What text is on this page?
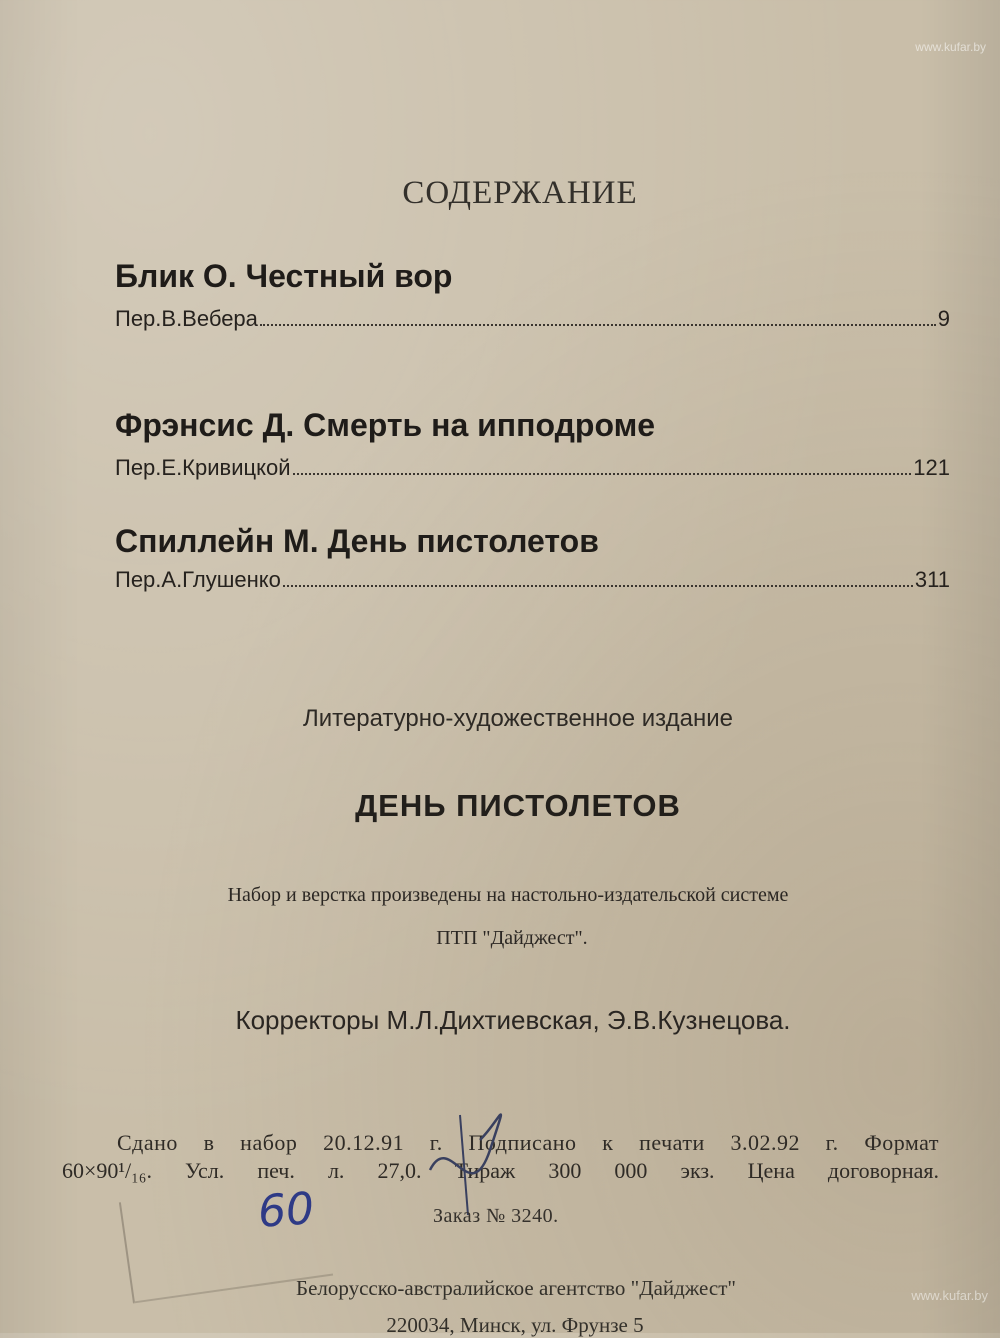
www.kufar.by
СОДЕРЖАНИЕ
Блик О. Честный вор
Пер.В.Вебера	9
Фрэнсис Д. Смерть на ипподроме
Пер.Е.Кривицкой	121
Спиллейн М. День пистолетов
Пер.А.Глушенко	311
Литературно-художественное издание
ДЕНЬ ПИСТОЛЕТОВ
Набор и верстка произведены на настольно-издательской системе
ПТП "Дайджест".
Корректоры М.Л.Дихтиевская, Э.В.Кузнецова.
Сдано в набор 20.12.91 г. Подписано к печати 3.02.92 г. Формат
60×90¹/₁₆. Усл. печ. л. 27,0. Тираж 300 000 экз. Цена договорная.
60	Заказ № 3240.
Белорусско-австралийское агентство "Дайджест"
220034, Минск, ул. Фрунзе 5
www.kufar.by
